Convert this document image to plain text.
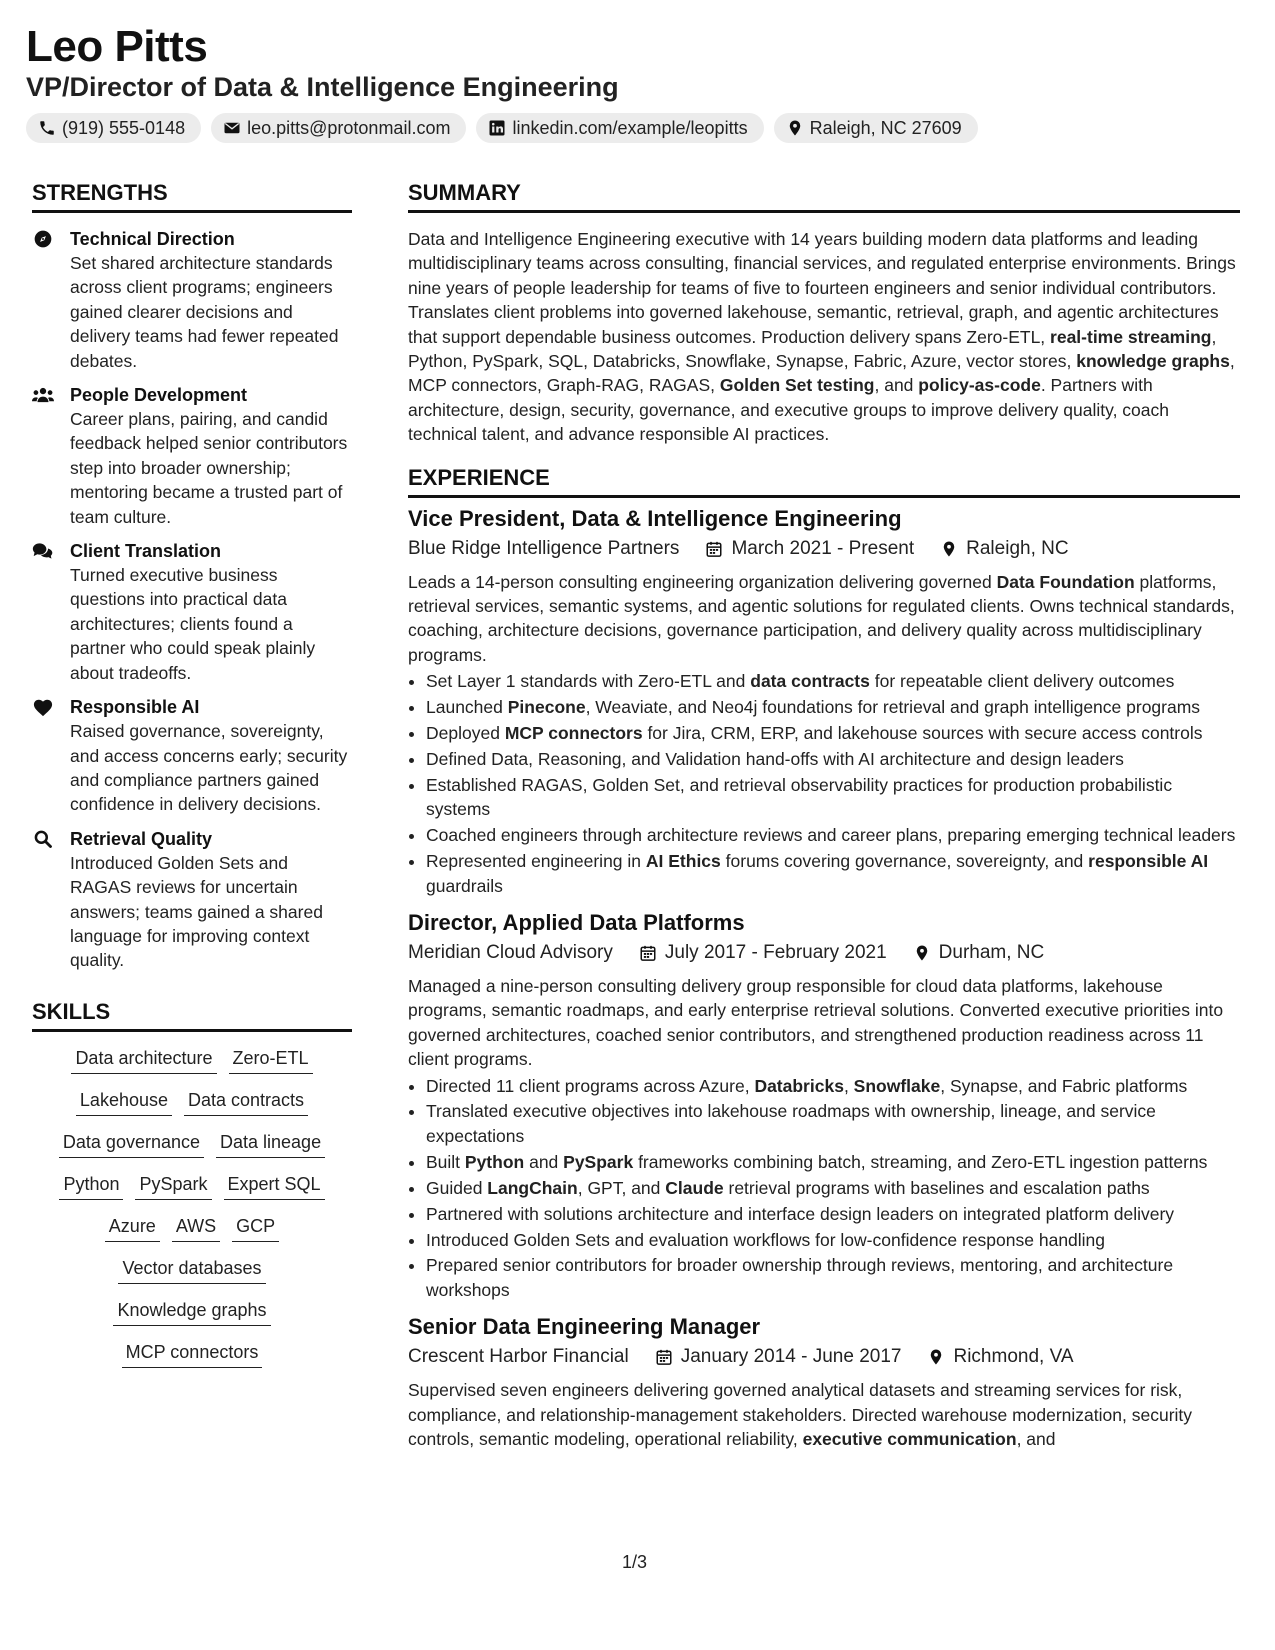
Leo Pitts
VP/Director of Data & Intelligence Engineering
(919) 555-0148	leo.pitts@protonmail.com	linkedin.com/example/leopitts	Raleigh, NC 27609
STRENGTHS
Technical Direction
Set shared architecture standards across client programs; engineers gained clearer decisions and delivery teams had fewer repeated debates.
People Development
Career plans, pairing, and candid feedback helped senior contributors step into broader ownership; mentoring became a trusted part of team culture.
Client Translation
Turned executive business questions into practical data architectures; clients found a partner who could speak plainly about tradeoffs.
Responsible AI
Raised governance, sovereignty, and access concerns early; security and compliance partners gained confidence in delivery decisions.
Retrieval Quality
Introduced Golden Sets and RAGAS reviews for uncertain answers; teams gained a shared language for improving context quality.
SKILLS
Data architecture Zero-ETL
Lakehouse Data contracts
Data governance Data lineage
Python PySpark Expert SQL
Azure AWS GCP
Vector databases
Knowledge graphs
MCP connectors
SUMMARY

Data and Intelligence Engineering executive with 14 years building modern data platforms and leading multidisciplinary teams across consulting, financial services, and regulated enterprise environments. Brings nine years of people leadership for teams of five to fourteen engineers and senior individual contributors. Translates client problems into governed lakehouse, semantic, retrieval, graph, and agentic architectures that support dependable business outcomes. Production delivery spans Zero-ETL, real-time streaming, Python, PySpark, SQL, Databricks, Snowflake, Synapse, Fabric, Azure, vector stores, knowledge graphs, MCP connectors, Graph-RAG, RAGAS, Golden Set testing, and policy-as-code. Partners with architecture, design, security, governance, and executive groups to improve delivery quality, coach technical talent, and advance responsible AI practices.

EXPERIENCE
Vice President, Data & Intelligence Engineering
Blue Ridge Intelligence Partners	March 2021 - Present	Raleigh, NC

Leads a 14-person consulting engineering organization delivering governed Data Foundation platforms, retrieval services, semantic systems, and agentic solutions for regulated clients. Owns technical standards, coaching, architecture decisions, governance participation, and delivery quality across multidisciplinary programs.

• Set Layer 1 standards with Zero-ETL and data contracts for repeatable client delivery outcomes
• Launched Pinecone, Weaviate, and Neo4j foundations for retrieval and graph intelligence programs
• Deployed MCP connectors for Jira, CRM, ERP, and lakehouse sources with secure access controls
• Defined Data, Reasoning, and Validation hand-offs with AI architecture and design leaders
• Established RAGAS, Golden Set, and retrieval observability practices for production probabilistic systems
• Coached engineers through architecture reviews and career plans, preparing emerging technical leaders
• Represented engineering in AI Ethics forums covering governance, sovereignty, and responsible AI guardrails
Director, Applied Data Platforms
Meridian Cloud Advisory	July 2017 - February 2021	Durham, NC

Managed a nine-person consulting delivery group responsible for cloud data platforms, lakehouse programs, semantic roadmaps, and early enterprise retrieval solutions. Converted executive priorities into governed architectures, coached senior contributors, and strengthened production readiness across 11 client programs.

• Directed 11 client programs across Azure, Databricks, Snowflake, Synapse, and Fabric platforms
• Translated executive objectives into lakehouse roadmaps with ownership, lineage, and service expectations
• Built Python and PySpark frameworks combining batch, streaming, and Zero-ETL ingestion patterns
• Guided LangChain, GPT, and Claude retrieval programs with baselines and escalation paths
• Partnered with solutions architecture and interface design leaders on integrated platform delivery
• Introduced Golden Sets and evaluation workflows for low-confidence response handling
• Prepared senior contributors for broader ownership through reviews, mentoring, and architecture workshops
Senior Data Engineering Manager
Crescent Harbor Financial	January 2014 - June 2017	Richmond, VA

Supervised seven engineers delivering governed analytical datasets and streaming services for risk, compliance, and relationship-management stakeholders. Directed warehouse modernization, security controls, semantic modeling, operational reliability, executive communication, and

1/3
